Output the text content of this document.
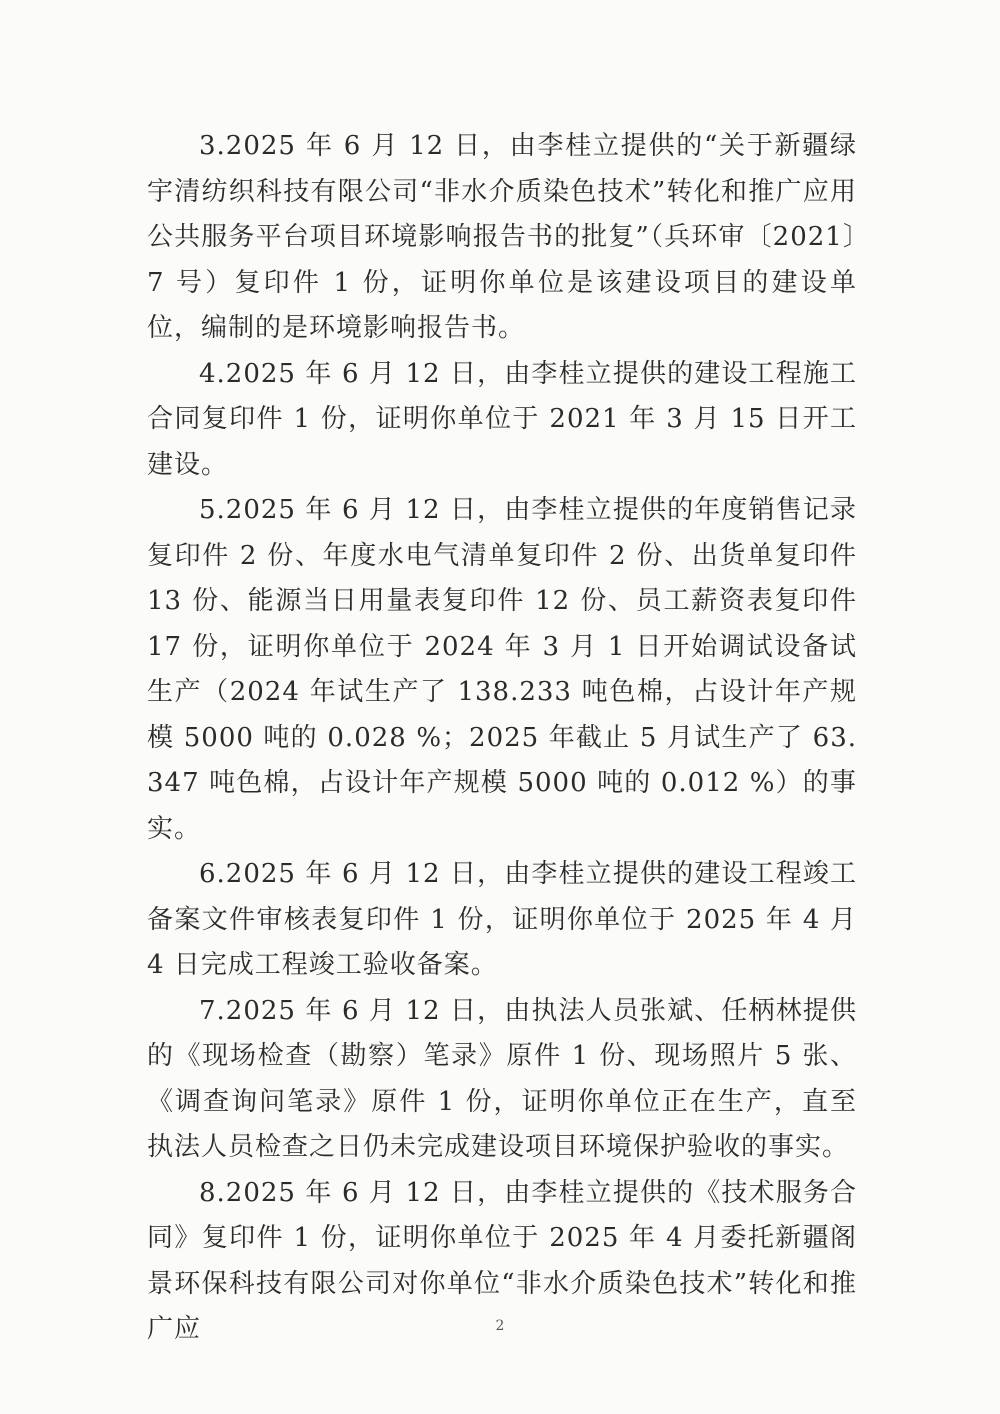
3.2025 年 6 月 12 日，由李桂立提供的“关于新疆绿宇清纺织科技有限公司“非水介质染色技术”转化和推广应用公共服务平台项目环境影响报告书的批复”（兵环审〔2021〕7 号）复印件 1 份，证明你单位是该建设项目的建设单位，编制的是环境影响报告书。

4.2025 年 6 月 12 日，由李桂立提供的建设工程施工合同复印件 1 份，证明你单位于 2021 年 3 月 15 日开工建设。

5.2025 年 6 月 12 日，由李桂立提供的年度销售记录复印件 2 份、年度水电气清单复印件 2 份、出货单复印件 13 份、能源当日用量表复印件 12 份、员工薪资表复印件 17 份，证明你单位于 2024 年 3 月 1 日开始调试设备试生产（2024 年试生产了 138.233 吨色棉，占设计年产规模 5000 吨的 0.028 %；2025 年截止 5 月试生产了 63.347 吨色棉，占设计年产规模 5000 吨的 0.012 %）的事实。

6.2025 年 6 月 12 日，由李桂立提供的建设工程竣工备案文件审核表复印件 1 份，证明你单位于 2025 年 4 月 4 日完成工程竣工验收备案。

7.2025 年 6 月 12 日，由执法人员张斌、任柄林提供的《现场检查（勘察）笔录》原件 1 份、现场照片 5 张、《调查询问笔录》原件 1 份，证明你单位正在生产，直至执法人员检查之日仍未完成建设项目环境保护验收的事实。

8.2025 年 6 月 12 日，由李桂立提供的《技术服务合同》复印件 1 份，证明你单位于 2025 年 4 月委托新疆阁景环保科技有限公司对你单位“非水介质染色技术”转化和推广应	2
